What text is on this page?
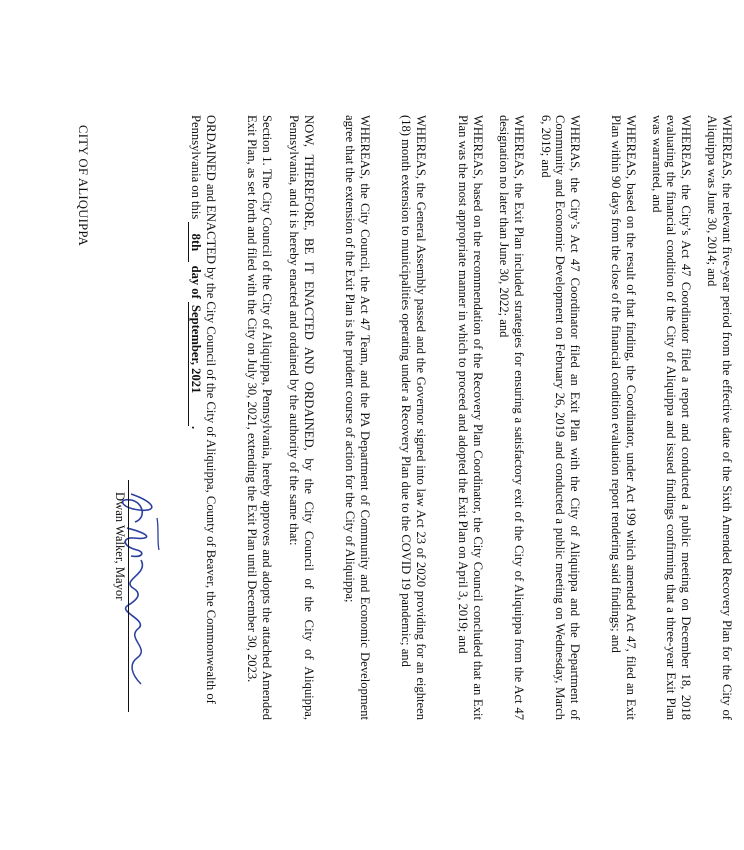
WHEREAS, the relevant five-year period from the effective date of the Sixth Amended Recovery Plan for the City of Aliquippa was June 30, 2014; and

WHEREAS, the City’s Act 47 Coordinator filed a report and conducted a public meeting on December 18, 2018 evaluating the financial condition of the City of Aliquippa and issued findings confirming that a three-year Exit Plan was warranted, and

WHEREAS, based on the result of that finding, the Coordinator, under Act 199 which amended Act 47, filed an Exit Plan within 90 days from the close of the financial condition evaluation report rendering said findings; and

WHERAS, the City’s Act 47 Coordinator filed an Exit Plan with the City of Aliquippa and the Department of Community and Economic Development on February 26, 2019 and conducted a public meeting on Wednesday, March 6, 2019; and

WHEREAS, the Exit Plan included strategies for ensuring a satisfactory exit of the City of Aliquippa from the Act 47 designation no later than June 30, 2022; and

WHEREAS, based on the recommendation of the Recovery Plan Coordinator, the City Council concluded that an Exit Plan was the most appropriate manner in which to proceed and adopted the Exit Plan on April 3, 2019; and

WHEREAS, the General Assembly passed and the Governor signed into law Act 23 of 2020 providing for an eighteen (18) month extension to municipalities operating under a Recovery Plan due to the COVID 19 pandemic; and

WHEREAS, the City Council, the Act 47 Team, and the PA Department of Community and Economic Development agree that the extension of the Exit Plan is the prudent course of action for the City of Aliquippa;

NOW, THEREFORE, BE IT ENACTED AND ORDAINED, by the City Council of the City of Aliquippa, Pennsylvania, and it is hereby enacted and ordained by the authority of the same that:

Section 1. The City Council of the City of Aliquippa, Pennsylvania, hereby approves and adopts the attached Amended Exit Plan, as set forth and filed with the City on July 30, 2021, extending the Exit Plan until December 30, 2023.

ORDAINED and ENACTED by the City Council of the City of Aliquippa, County of Beaver, the Commonwealth of Pennsylvania on this 8th day of September, 2021.

Dwan Walker, Mayor

CITY OF ALIQUIPPA
